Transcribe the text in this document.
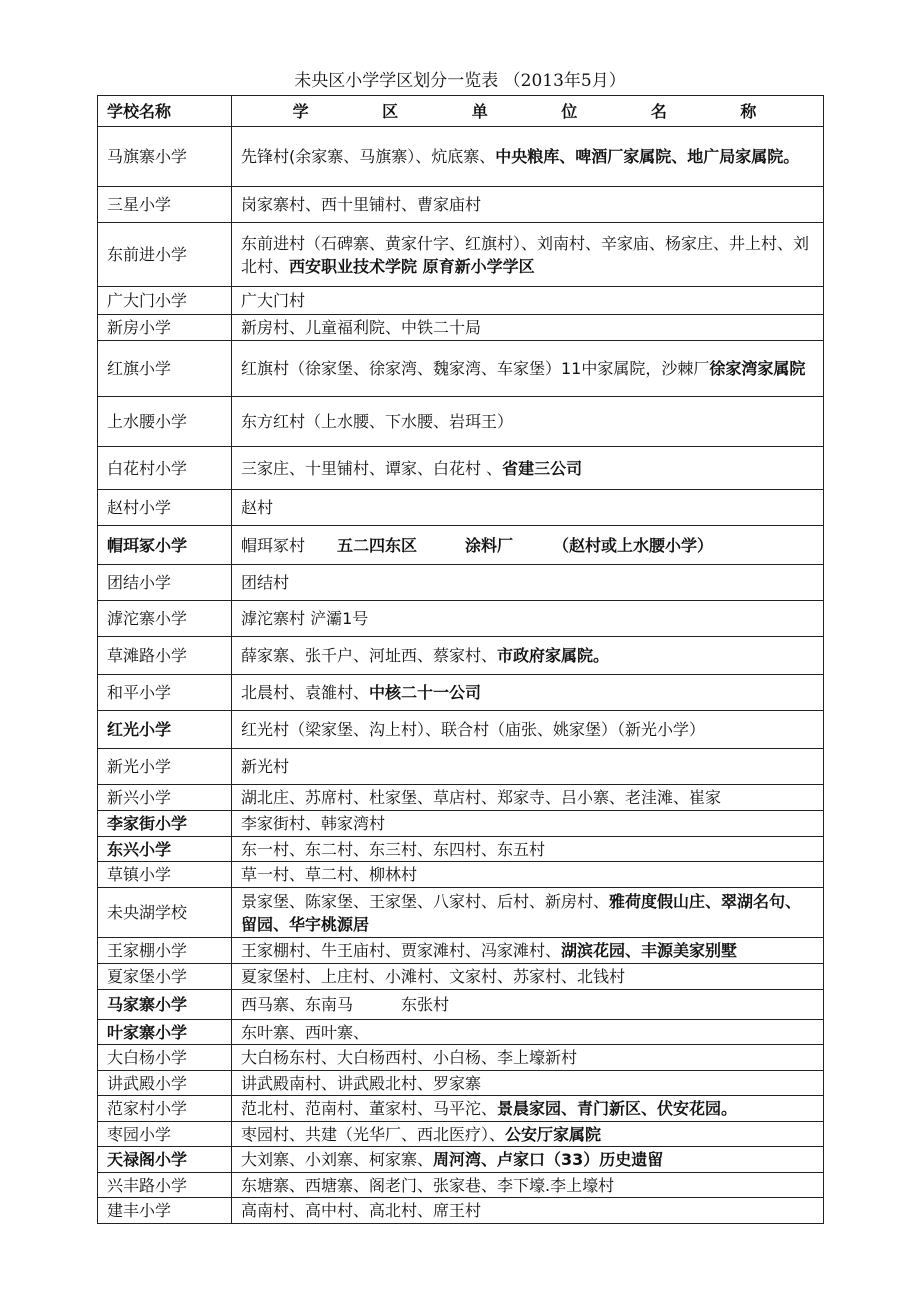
未央区小学学区划分一览表 （2013年5月）
学校名称	学 区 单 位 名 称
马旗寨小学	先锋村(余家寨、马旗寨）、炕底寨、中央粮库、啤酒厂家属院、地广局家属院。
三星小学	岗家寨村、西十里铺村、曹家庙村
东前进小学	东前进村（石碑寨、黄家什字、红旗村）、刘南村、辛家庙、杨家庄、井上村、刘北村、西安职业技术学院 原育新小学学区
广大门小学	广大门村
新房小学	新房村、儿童福利院、中铁二十局
红旗小学	红旗村（徐家堡、徐家湾、魏家湾、车家堡）11中家属院，沙棘厂徐家湾家属院
上水腰小学	东方红村（上水腰、下水腰、岩珥王）
白花村小学	三家庄、十里铺村、谭家、白花村 、省建三公司
赵村小学	赵村
帽珥冢小学	帽珥冢村　　 五二四东区　　　涂料厂　　　（赵村或上水腰小学）
团结小学	团结村
滹沱寨小学	滹沱寨村 浐灞1号
草滩路小学	薛家寨、张千户、河址西、蔡家村、市政府家属院。
和平小学	北晨村、袁雒村、中核二十一公司
红光小学	红光村（梁家堡、沟上村）、联合村（庙张、姚家堡）（新光小学）
新光小学	新光村
新兴小学	湖北庄、苏席村、杜家堡、草店村、郑家寺、吕小寨、老洼滩、崔家
李家街小学	李家街村、韩家湾村
东兴小学	东一村、东二村、东三村、东四村、东五村
草镇小学	草一村、草二村、柳林村
未央湖学校	景家堡、陈家堡、王家堡、八家村、后村、新房村、雅荷度假山庄、翠湖名句、留园、华宇桃源居
王家棚小学	王家棚村、牛王庙村、贾家滩村、冯家滩村、湖滨花园、丰源美家别墅
夏家堡小学	夏家堡村、上庄村、小滩村、文家村、苏家村、北钱村
马家寨小学	西马寨、东南马　　　东张村
叶家寨小学	东叶寨、西叶寨、
大白杨小学	大白杨东村、大白杨西村、小白杨、李上壕新村
讲武殿小学	讲武殿南村、讲武殿北村、罗家寨
范家村小学	范北村、范南村、董家村、马平沱、景晨家园、青门新区、伏安花园。
枣园小学	枣园村、共建（光华厂、西北医疗）、公安厅家属院
天禄阁小学	大刘寨、小刘寨、柯家寨、周河湾、卢家口（33）历史遗留
兴丰路小学	东塘寨、西塘寨、阁老门、张家巷、李下壕.李上壕村
建丰小学	高南村、高中村、高北村、席王村
